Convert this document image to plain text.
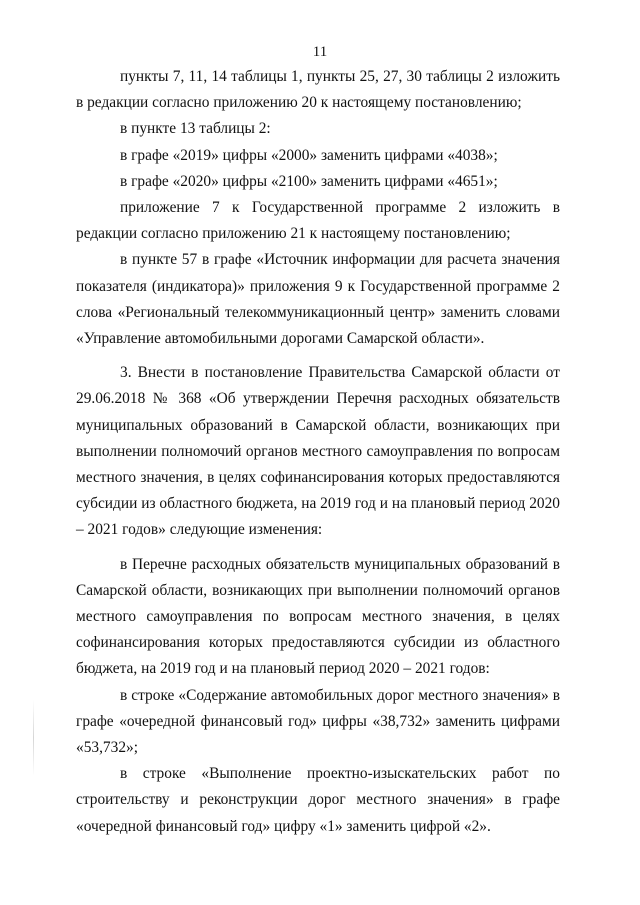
11

пункты 7, 11, 14 таблицы 1, пункты 25, 27, 30 таблицы 2 изложить в редакции согласно приложению 20 к настоящему постановлению;

в пункте 13 таблицы 2:

в графе «2019» цифры «2000» заменить цифрами «4038»;

в графе «2020» цифры «2100» заменить цифрами «4651»;

приложение 7 к Государственной программе 2 изложить в редакции согласно приложению 21 к настоящему постановлению;

в пункте 57 в графе «Источник информации для расчета значения показателя (индикатора)» приложения 9 к Государственной программе 2 слова «Региональный телекоммуникационный центр» заменить словами «Управление автомобильными дорогами Самарской области».

3. Внести в постановление Правительства Самарской области от 29.06.2018 № 368 «Об утверждении Перечня расходных обязательств муниципальных образований в Самарской области, возникающих при выполнении полномочий органов местного самоуправления по вопросам местного значения, в целях софинансирования которых предоставляются субсидии из областного бюджета, на 2019 год и на плановый период 2020 – 2021 годов» следующие изменения:

в Перечне расходных обязательств муниципальных образований в Самарской области, возникающих при выполнении полномочий органов местного самоуправления по вопросам местного значения, в целях софинансирования которых предоставляются субсидии из областного бюджета, на 2019 год и на плановый период 2020 – 2021 годов:

в строке «Содержание автомобильных дорог местного значения» в графе «очередной финансовый год» цифры «38,732» заменить цифрами «53,732»;

в строке «Выполнение проектно-изыскательских работ по строительству и реконструкции дорог местного значения» в графе «очередной финансовый год» цифру «1» заменить цифрой «2».
